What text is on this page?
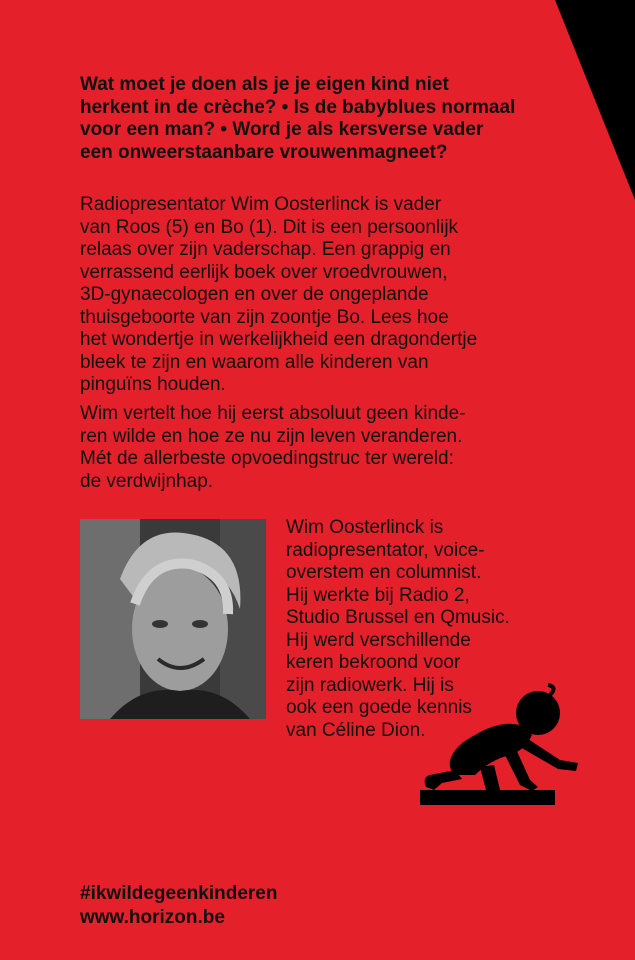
Wat moet je doen als je je eigen kind niet
herkent in de crèche? • Is de babyblues normaal
voor een man? • Word je als kersverse vader
een onweerstaanbare vrouwenmagneet?
Radiopresentator Wim Oosterlinck is vader
van Roos (5) en Bo (1). Dit is een persoonlijk
relaas over zijn vaderschap. Een grappig en
verrassend eerlijk boek over vroedvrouwen,
3D-gynaecologen en over de ongeplande
thuisgeboorte van zijn zoontje Bo. Lees hoe
het wondertje in werkelijkheid een dragondertje
bleek te zijn en waarom alle kinderen van
pinguïns houden.
Wim vertelt hoe hij eerst absoluut geen kinde-
ren wilde en hoe ze nu zijn leven veranderen.
Mét de allerbeste opvoedingstruc ter wereld:
de verdwijnhap.
Wim Oosterlinck is
radiopresentator, voice-
overstem en columnist.
Hij werkte bij Radio 2,
Studio Brussel en Qmusic.
Hij werd verschillende
keren bekroond voor
zijn radiowerk. Hij is
ook een goede kennis
van Céline Dion.
#ikwildegeenkinderen
www.horizon.be
